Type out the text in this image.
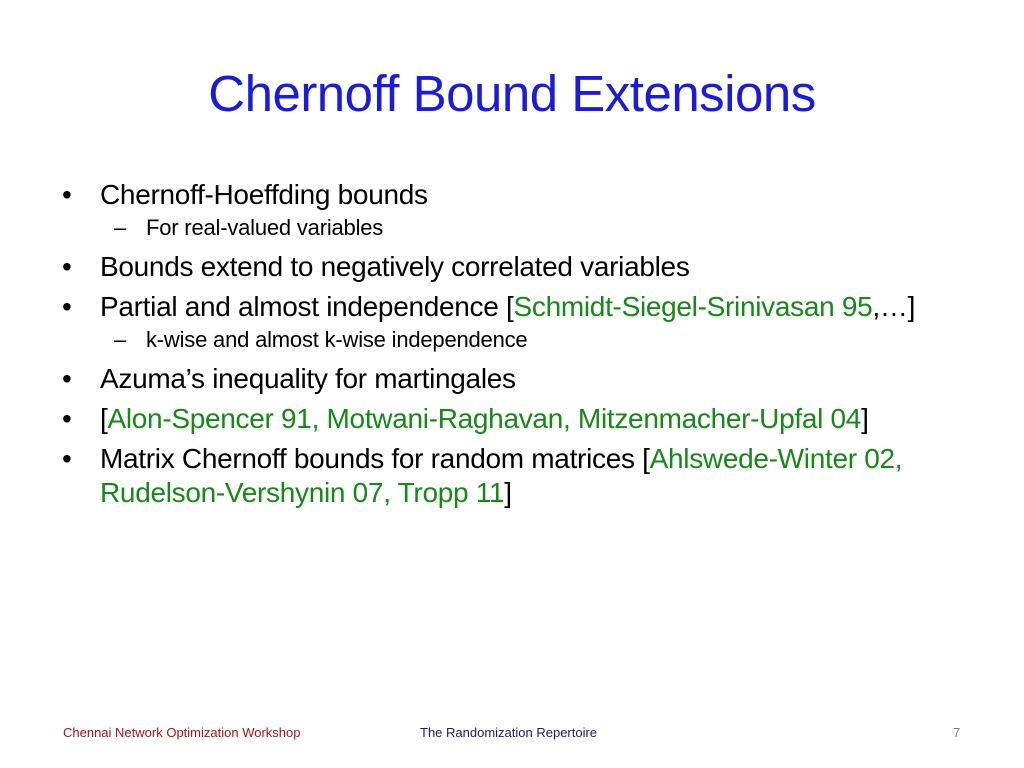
Chernoff Bound Extensions
• Chernoff-Hoeffding bounds
– For real-valued variables
• Bounds extend to negatively correlated variables
• Partial and almost independence [Schmidt-Siegel-Srinivasan 95,…]
– k-wise and almost k-wise independence
• Azuma’s inequality for martingales
• [Alon-Spencer 91, Motwani-Raghavan, Mitzenmacher-Upfal 04]
• Matrix Chernoff bounds for random matrices [Ahlswede-Winter 02, Rudelson-Vershynin 07, Tropp 11]
Chennai Network Optimization Workshop	The Randomization Repertoire	7
